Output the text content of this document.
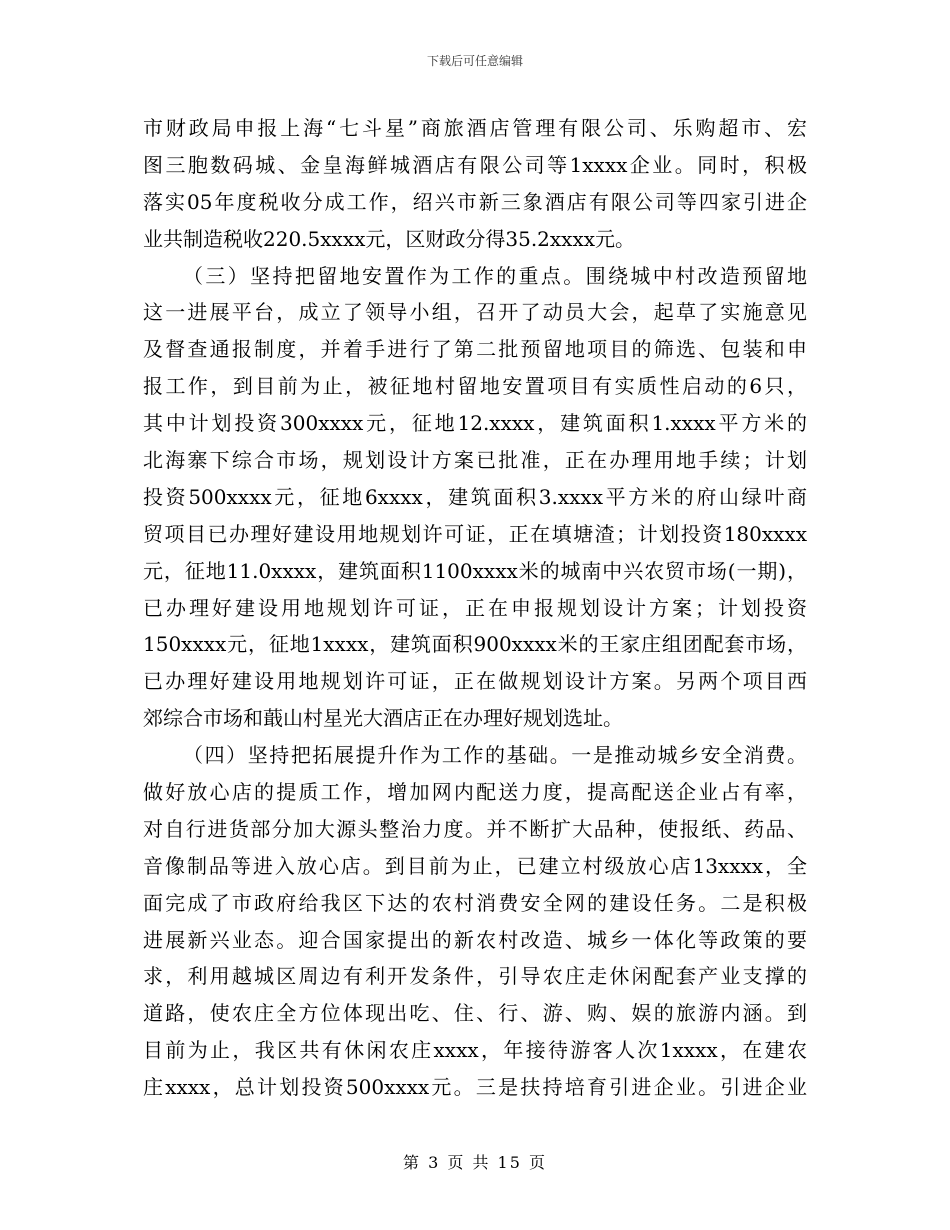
下载后可任意编辑
市财政局申报上海“七斗星”商旅酒店管理有限公司、乐购超市、宏
图三胞数码城、金皇海鲜城酒店有限公司等1xxxx企业。同时，积极
落实05年度税收分成工作，绍兴市新三象酒店有限公司等四家引进企
业共制造税收220.5xxxx元，区财政分得35.2xxxx元。
（三）坚持把留地安置作为工作的重点。围绕城中村改造预留地
这一进展平台，成立了领导小组，召开了动员大会，起草了实施意见
及督查通报制度，并着手进行了第二批预留地项目的筛选、包装和申
报工作，到目前为止，被征地村留地安置项目有实质性启动的6只，
其中计划投资300xxxx元，征地12.xxxx，建筑面积1.xxxx平方米的
北海寨下综合市场，规划设计方案已批准，正在办理用地手续；计划
投资500xxxx元，征地6xxxx，建筑面积3.xxxx平方米的府山绿叶商
贸项目已办理好建设用地规划许可证，正在填塘渣；计划投资180xxxx
元，征地11.0xxxx，建筑面积1100xxxx米的城南中兴农贸市场(一期)，
已办理好建设用地规划许可证，正在申报规划设计方案；计划投资
150xxxx元，征地1xxxx，建筑面积900xxxx米的王家庄组团配套市场，
已办理好建设用地规划许可证，正在做规划设计方案。另两个项目西
郊综合市场和蕺山村星光大酒店正在办理好规划选址。
（四）坚持把拓展提升作为工作的基础。一是推动城乡安全消费。
做好放心店的提质工作，增加网内配送力度，提高配送企业占有率，
对自行进货部分加大源头整治力度。并不断扩大品种，使报纸、药品、
音像制品等进入放心店。到目前为止，已建立村级放心店13xxxx，全
面完成了市政府给我区下达的农村消费安全网的建设任务。二是积极
进展新兴业态。迎合国家提出的新农村改造、城乡一体化等政策的要
求，利用越城区周边有利开发条件，引导农庄走休闲配套产业支撑的
道路，使农庄全方位体现出吃、住、行、游、购、娱的旅游内涵。到
目前为止，我区共有休闲农庄xxxx，年接待游客人次1xxxx，在建农
庄xxxx，总计划投资500xxxx元。三是扶持培育引进企业。引进企业
第 3 页 共 15 页
